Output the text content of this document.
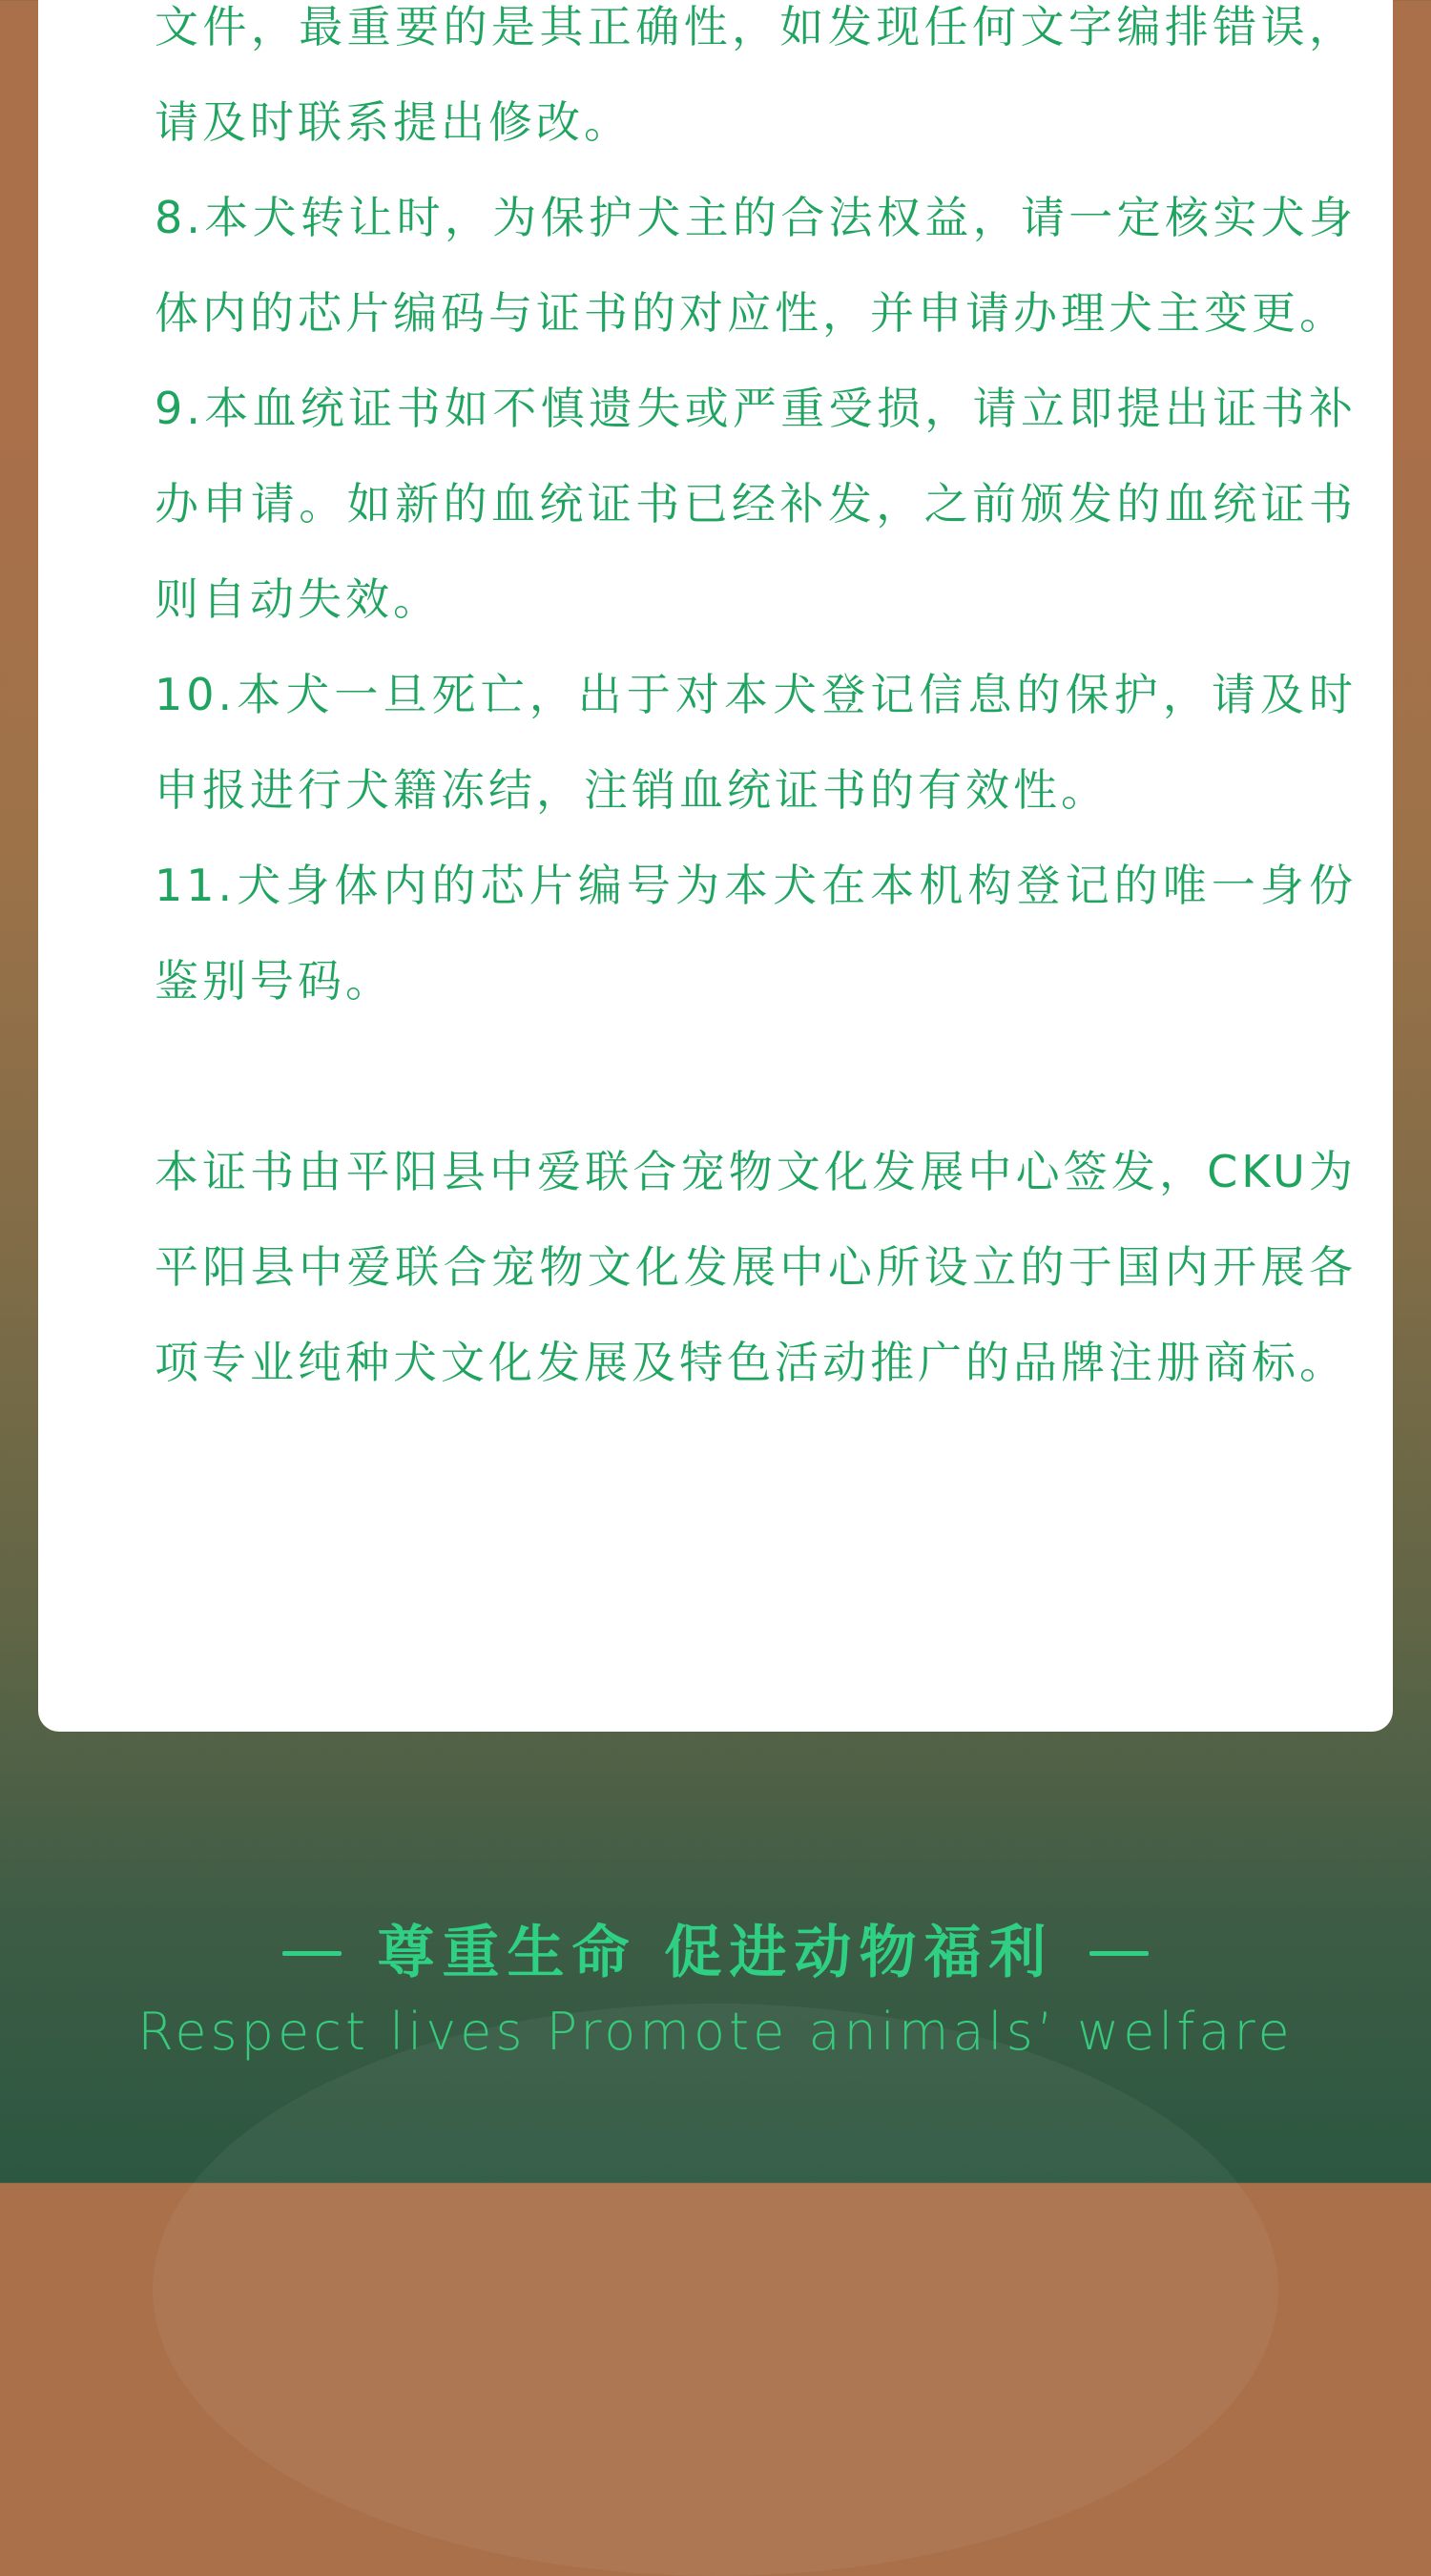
文件，最重要的是其正确性，如发现任何文字编排错误，请及时联系提出修改。

8.本犬转让时，为保护犬主的合法权益，请一定核实犬身体内的芯片编码与证书的对应性，并申请办理犬主变更。

9.本血统证书如不慎遗失或严重受损，请立即提出证书补办申请。如新的血统证书已经补发，之前颁发的血统证书则自动失效。

10.本犬一旦死亡，出于对本犬登记信息的保护，请及时申报进行犬籍冻结，注销血统证书的有效性。

11.犬身体内的芯片编号为本犬在本机构登记的唯一身份鉴别号码。

本证书由平阳县中爱联合宠物文化发展中心签发，CKU为平阳县中爱联合宠物文化发展中心所设立的于国内开展各项专业纯种犬文化发展及特色活动推广的品牌注册商标。

尊重生命 促进动物福利
Respect lives Promote animals’ welfare
